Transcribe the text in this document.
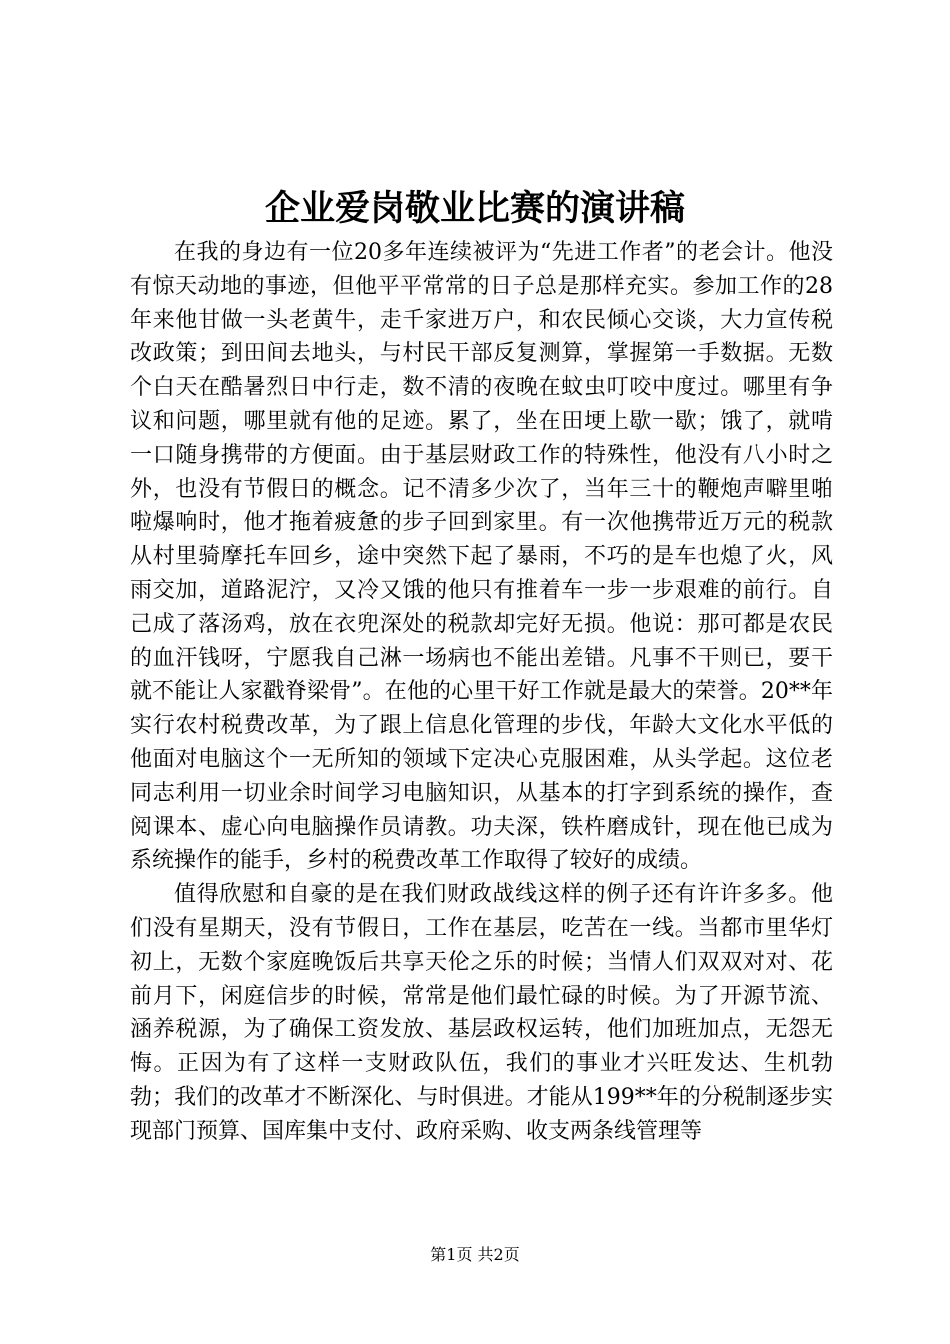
企业爱岗敬业比赛的演讲稿

在我的身边有一位20多年连续被评为“先进工作者”的老会计。他没有惊天动地的事迹，但他平平常常的日子总是那样充实。参加工作的28年来他甘做一头老黄牛，走千家进万户，和农民倾心交谈，大力宣传税改政策；到田间去地头，与村民干部反复测算，掌握第一手数据。无数个白天在酷暑烈日中行走，数不清的夜晚在蚊虫叮咬中度过。哪里有争议和问题，哪里就有他的足迹。累了，坐在田埂上歇一歇；饿了，就啃一口随身携带的方便面。由于基层财政工作的特殊性，他没有八小时之外，也没有节假日的概念。记不清多少次了，当年三十的鞭炮声噼里啪啦爆响时，他才拖着疲惫的步子回到家里。有一次他携带近万元的税款从村里骑摩托车回乡，途中突然下起了暴雨，不巧的是车也熄了火，风雨交加，道路泥泞，又冷又饿的他只有推着车一步一步艰难的前行。自己成了落汤鸡，放在衣兜深处的税款却完好无损。他说：那可都是农民的血汗钱呀，宁愿我自己淋一场病也不能出差错。凡事不干则已，要干就不能让人家戳脊梁骨”。在他的心里干好工作就是最大的荣誉。20**年实行农村税费改革，为了跟上信息化管理的步伐，年龄大文化水平低的他面对电脑这个一无所知的领域下定决心克服困难，从头学起。这位老同志利用一切业余时间学习电脑知识，从基本的打字到系统的操作，查阅课本、虚心向电脑操作员请教。功夫深，铁杵磨成针，现在他已成为系统操作的能手，乡村的税费改革工作取得了较好的成绩。

值得欣慰和自豪的是在我们财政战线这样的例子还有许许多多。他们没有星期天，没有节假日，工作在基层，吃苦在一线。当都市里华灯初上，无数个家庭晚饭后共享天伦之乐的时候；当情人们双双对对、花前月下，闲庭信步的时候，常常是他们最忙碌的时候。为了开源节流、涵养税源，为了确保工资发放、基层政权运转，他们加班加点，无怨无悔。正因为有了这样一支财政队伍，我们的事业才兴旺发达、生机勃勃；我们的改革才不断深化、与时俱进。才能从199**年的分税制逐步实现部门预算、国库集中支付、政府采购、收支两条线管理等

第1页 共2页
